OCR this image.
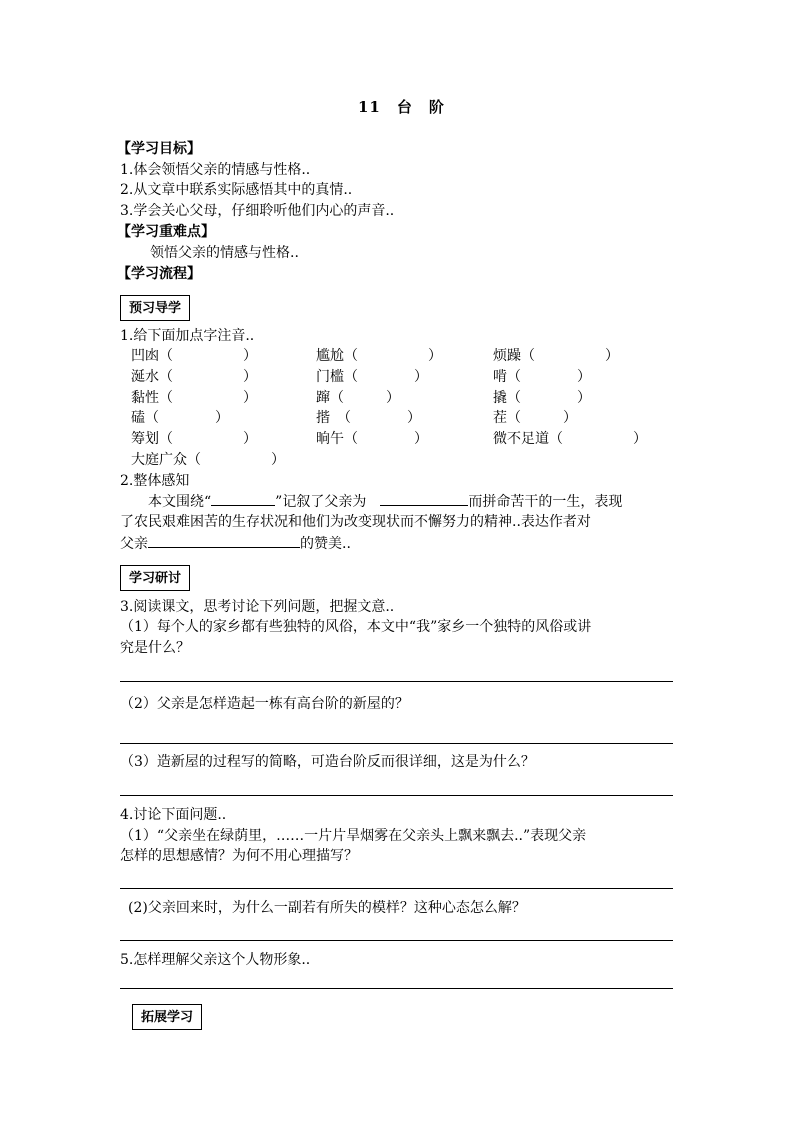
11　台　阶
【学习目标】
1.体会领悟父亲的情感与性格..
2.从文章中联系实际感悟其中的真情..
3.学会关心父母，仔细聆听他们内心的声音..
【学习重难点】
领悟父亲的情感与性格..
【学习流程】
预习导学
1.给下面加点字注音..
凹凼（　　　　　）	尴尬（　　　　　）	烦躁（　　　　　）
涎水（　　　　　）	门槛（　　　　）	啃（　　　　）
黏性（　　　　　）	蹿（　　　）	撬（　　　　）
磕（　　　　）	揩　（　　　　）	茬（　　　）
筹划（　　　　　）	晌午（　　　　）	微不足道（　　　　　）
大庭广众（　　　　　）
2.整体感知
本文围绕“	”记叙了父亲为	而拼命苦干的一生，表现
了农民艰难困苦的生存状况和他们为改变现状而不懈努力的精神..表达作者对
父亲	的赞美..
学习研讨
3.阅读课文，思考讨论下列问题，把握文意..
（1）每个人的家乡都有些独特的风俗，本文中“我”家乡一个独特的风俗或讲
究是什么？
（2）父亲是怎样造起一栋有高台阶的新屋的？
（3）造新屋的过程写的简略，可造台阶反而很详细，这是为什么？
4.讨论下面问题..
（1）“父亲坐在绿荫里，……一片片旱烟雾在父亲头上飘来飘去..”表现父亲
怎样的思想感情？为何不用心理描写？
(2)父亲回来时，为什么一副若有所失的模样？这种心态怎么解？
5.怎样理解父亲这个人物形象..
拓展学习
